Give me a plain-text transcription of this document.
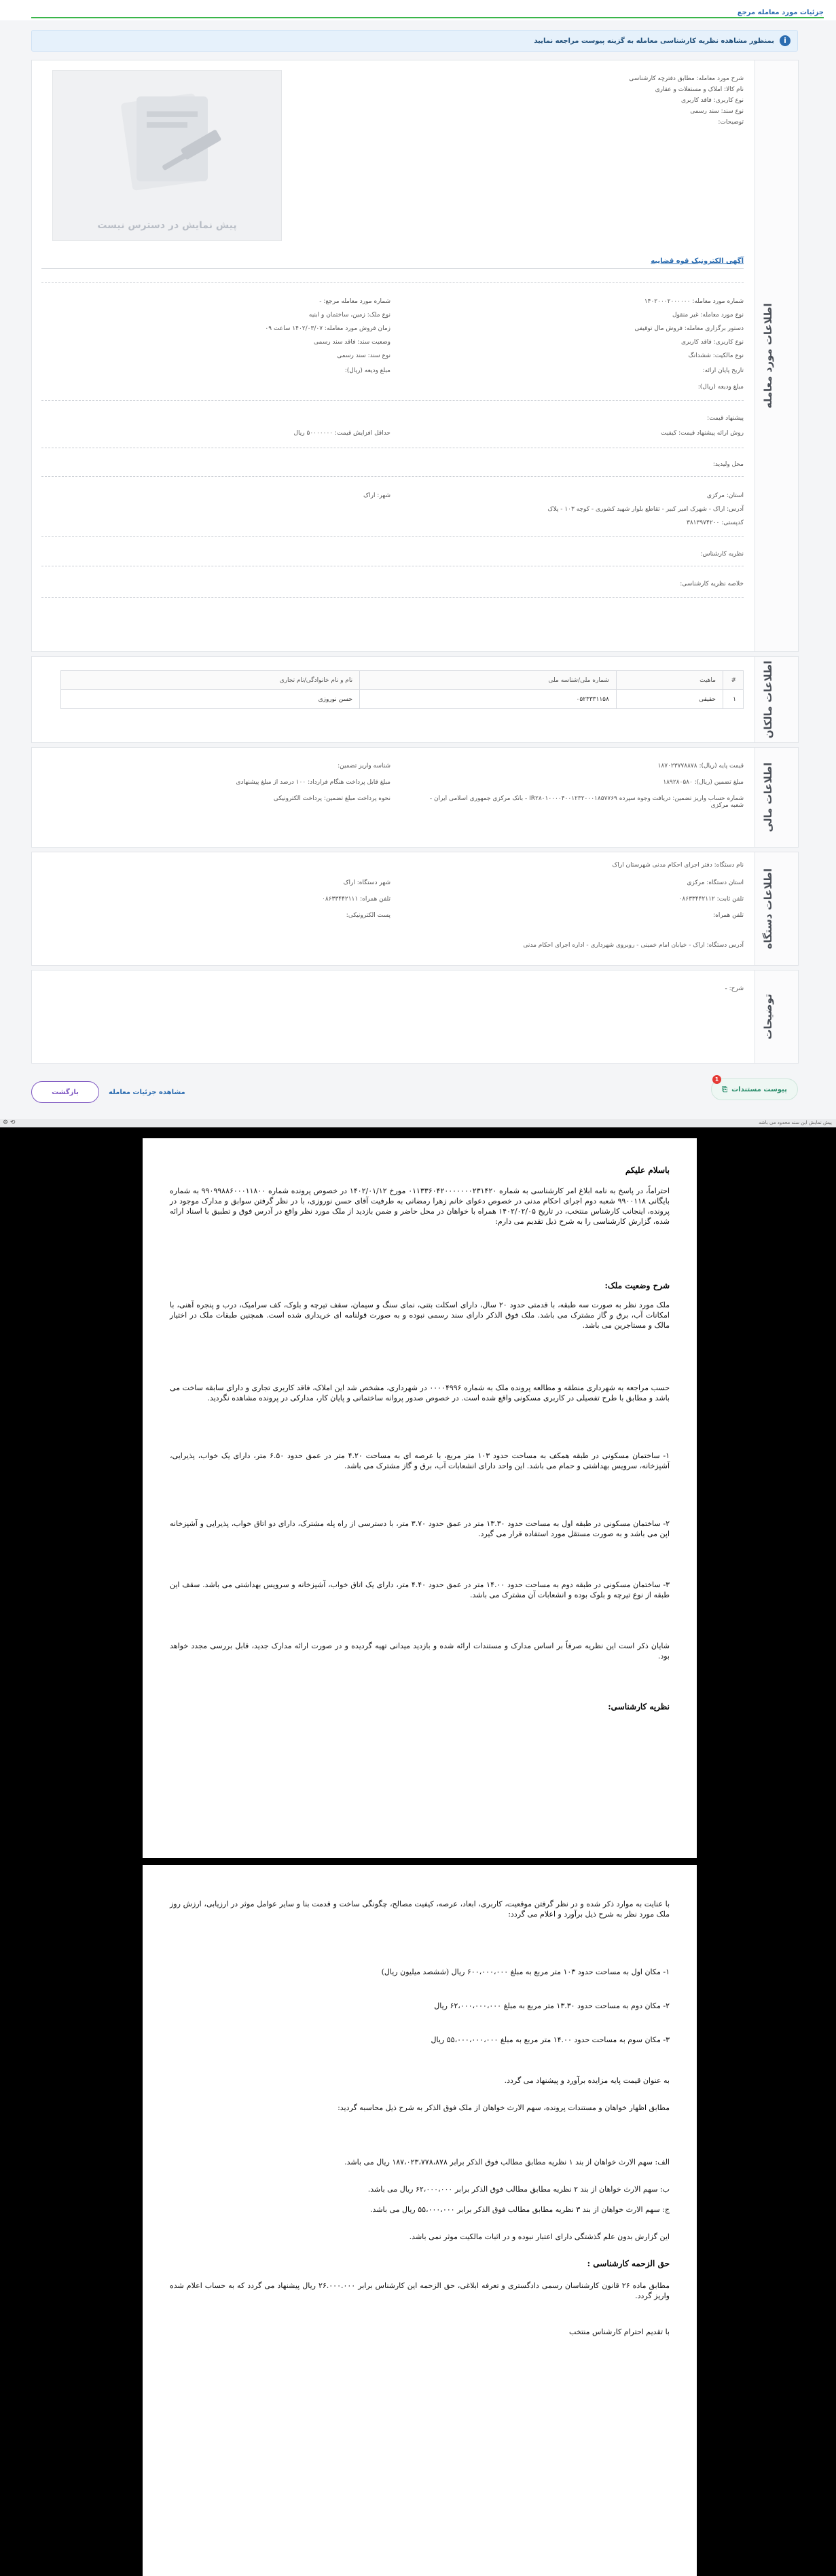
جزئیات مورد معامله مرجع
i
بمنظور مشاهده نظریه کارشناسی معامله به گزینه پیوست مراجعه نمایید
اطلاعات مورد معامله
شرح مورد معامله: مطابق دفترچه کارشناسی
نام کالا: املاک و مستغلات و عقاری
نوع کاربری: فاقد کاربری
نوع سند: سند رسمی
توضیحات:
پیش نمایش در دسترس نیست
آگهی الکترونیک قوه قضاییه
شماره مورد معامله: ۱۴۰۲۰۰۰۲۰۰۰۰۰۰
نوع مورد معامله: غیر منقول
دستور برگزاری معامله: فروش مال توقیفی
نوع کاربری: فاقد کاربری
نوع مالکیت: ششدانگ
تاریخ پایان ارائه:
مبلغ ودیعه (ریال):
شماره مورد معامله مرجع: -
نوع ملک: زمین، ساختمان و ابنیه
زمان فروش مورد معامله: ۱۴۰۲/۰۳/۰۷ ساعت ۰۹
وضعیت سند: فاقد سند رسمی
نوع سند: سند رسمی
مبلغ ودیعه (ریال):
پیشنهاد قیمت:
روش ارائه پیشنهاد قیمت: کیفیت
حداقل افزایش قیمت: ۵۰۰۰۰۰۰۰ ریال
محل ولیدید:
استان: مرکزی
شهر: اراک
آدرس: اراک - شهرک امیر کبیر - تقاطع بلوار شهید کشوری - کوچه ۱۰۳ - پلاک
کدپستی: ۳۸۱۳۹۷۴۲۰۰
نظریه کارشناس:
خلاصه نظریه کارشناسی:
اطلاعات مالکان
#	ماهیت	شماره ملی/شناسه ملی	نام و نام خانوادگی/نام تجاری
۱	حقیقی	۰۵۲۳۳۳۱۱۵۸	حسن نوروزی
اطلاعات مالی
قیمت پایه (ریال): ۱۸۷۰۲۳۷۷۸۸۷۸
مبلغ تضمین (ریال): ۱۸۹۲۸۰۵۸۰
شماره حساب واریز تضمین: دریافت وجوه سپرده IR۲۸۰۱۰۰۰۰۴۰۰۱۲۳۲۰۰۰۱۸۵۷۷۶۹ - بانک مرکزی جمهوری اسلامی ایران - شعبه مرکزی
شناسه واریز تضمین:
مبلغ قابل پرداخت هنگام فرارداد: ۱۰۰ درصد از مبلغ پیشنهادی
نحوه پرداخت مبلغ تضمین: پرداخت الکترونیکی
اطلاعات دستگاه
نام دستگاه: دفتر اجرای احکام مدنی شهرستان اراک
استان دستگاه: مرکزی
شهر دستگاه: اراک
تلفن ثابت: ۰۸۶۳۳۴۴۲۱۱۲
تلفن همراه: ۰۸۶۳۳۴۴۲۱۱۱
تلفن همراه:
پست الکترونیکی:
آدرس دستگاه: اراک - خیابان امام خمینی - روبروی شهرداری - اداره اجرای احکام مدنی
توضیحات
شرح: -
1
⎘ پیوست مستندات
مشاهده جزئیات معامله
بازگشت
⚙ ⟲	پیش نمایش این سند محدود می باشد
باسلام علیکم
احتراماً، در پاسخ به نامه ابلاغ امر کارشناسی به شماره ۰۱۱۳۳۶۰۴۲۰۰۰۰۰۰۰۲۳۱۴۲۰ مورخ ۱۴۰۲/۰۱/۱۲ در خصوص پرونده شماره ۹۹۰۹۹۸۸۶۰۰۰۱۱۸۰۰ به شماره بایگانی ۹۹۰۰۱۱۸ شعبه دوم اجرای احکام مدنی در خصوص دعوای خانم زهرا رمضانی به طرفیت آقای حسن نوروزی، با در نظر گرفتن سوابق و مدارک موجود در پرونده، اینجانب کارشناس منتخب، در تاریخ ۱۴۰۲/۰۲/۰۵ همراه با خواهان در محل حاضر و ضمن بازدید از ملک مورد نظر واقع در آدرس فوق و تطبیق با اسناد ارائه شده، گزارش کارشناسی را به شرح ذیل تقدیم می دارم:
شرح وضعیت ملک:
ملک مورد نظر به صورت سه طبقه، با قدمتی حدود ۲۰ سال، دارای اسکلت بتنی، نمای سنگ و سیمان، سقف تیرچه و بلوک، کف سرامیک، درب و پنجره آهنی، با امکانات آب، برق و گاز مشترک می باشد. ملک فوق الذکر دارای سند رسمی نبوده و به صورت قولنامه ای خریداری شده است. همچنین طبقات ملک در اختیار مالک و مستاجرین می باشد.
حسب مراجعه به شهرداری منطقه و مطالعه پرونده ملک به شماره ۰۰۰۰۴۹۹۶ در شهرداری، مشخص شد این املاک، فاقد کاربری تجاری و دارای سابقه ساخت می باشد و مطابق با طرح تفصیلی در کاربری مسکونی واقع شده است. در خصوص صدور پروانه ساختمانی و پایان کار، مدارکی در پرونده مشاهده نگردید.
۱- ساختمان مسکونی در طبقه همکف به مساحت حدود ۱۰۳ متر مربع، با عرصه ای به مساحت ۴.۲۰ متر در عمق حدود ۶.۵۰ متر، دارای یک خواب، پذیرایی، آشپزخانه، سرویس بهداشتی و حمام می باشد. این واحد دارای انشعابات آب، برق و گاز مشترک می باشد.
۲- ساختمان مسکونی در طبقه اول به مساحت حدود ۱۳.۳۰ متر در عمق حدود ۳.۷۰ متر، با دسترسی از راه پله مشترک، دارای دو اتاق خواب، پذیرایی و آشپزخانه اپن می باشد و به صورت مستقل مورد استفاده قرار می گیرد.
۳- ساختمان مسکونی در طبقه دوم به مساحت حدود ۱۴.۰۰ متر در عمق حدود ۴.۴۰ متر، دارای یک اتاق خواب، آشپزخانه و سرویس بهداشتی می باشد. سقف این طبقه از نوع تیرچه و بلوک بوده و انشعابات آن مشترک می باشد.
شایان ذکر است این نظریه صرفاً بر اساس مدارک و مستندات ارائه شده و بازدید میدانی تهیه گردیده و در صورت ارائه مدارک جدید، قابل بررسی مجدد خواهد بود.
نظریه کارشناسی:
با عنایت به موارد ذکر شده و در نظر گرفتن موقعیت، کاربری، ابعاد، عرصه، کیفیت مصالح، چگونگی ساخت و قدمت بنا و سایر عوامل موثر در ارزیابی، ارزش روز ملک مورد نظر به شرح ذیل برآورد و اعلام می گردد:
۱- مکان اول به مساحت حدود ۱۰۳ متر مربع به مبلغ ۶۰۰،۰۰۰،۰۰۰ ریال (ششصد میلیون ریال)
۲- مکان دوم به مساحت حدود ۱۳.۳۰ متر مربع به مبلغ ۶۲،۰۰۰،۰۰۰،۰۰۰ ریال
۳- مکان سوم به مساحت حدود ۱۴.۰۰ متر مربع به مبلغ ۵۵،۰۰۰،۰۰۰،۰۰۰ ریال
به عنوان قیمت پایه مزایده برآورد و پیشنهاد می گردد.
مطابق اظهار خواهان و مستندات پرونده، سهم الارث خواهان از ملک فوق الذکر به شرح ذیل محاسبه گردید:
الف: سهم الارث خواهان از بند ۱ نظریه مطابق مطالب فوق الذکر برابر ۱۸۷،۰۲۳،۷۷۸،۸۷۸ ریال می باشد.
ب: سهم الارث خواهان از بند ۲ نظریه مطابق مطالب فوق الذکر برابر ۶۲،۰۰۰،۰۰۰ ریال می باشد.
ج: سهم الارث خواهان از بند ۳ نظریه مطابق مطالب فوق الذکر برابر ۵۵،۰۰۰،۰۰۰ ریال می باشد.
این گزارش بدون علم گذشتگی دارای اعتبار نبوده و در اثبات مالکیت موثر نمی باشد.
حق الزحمه کارشناسی :
مطابق ماده ۲۶ قانون کارشناسان رسمی دادگستری و تعرفه ابلاغی، حق الزحمه این کارشناس برابر ۲۶.۰۰۰.۰۰۰ ریال پیشنهاد می گردد که به حساب اعلام شده واریز گردد.
با تقدیم احترام کارشناس منتخب
